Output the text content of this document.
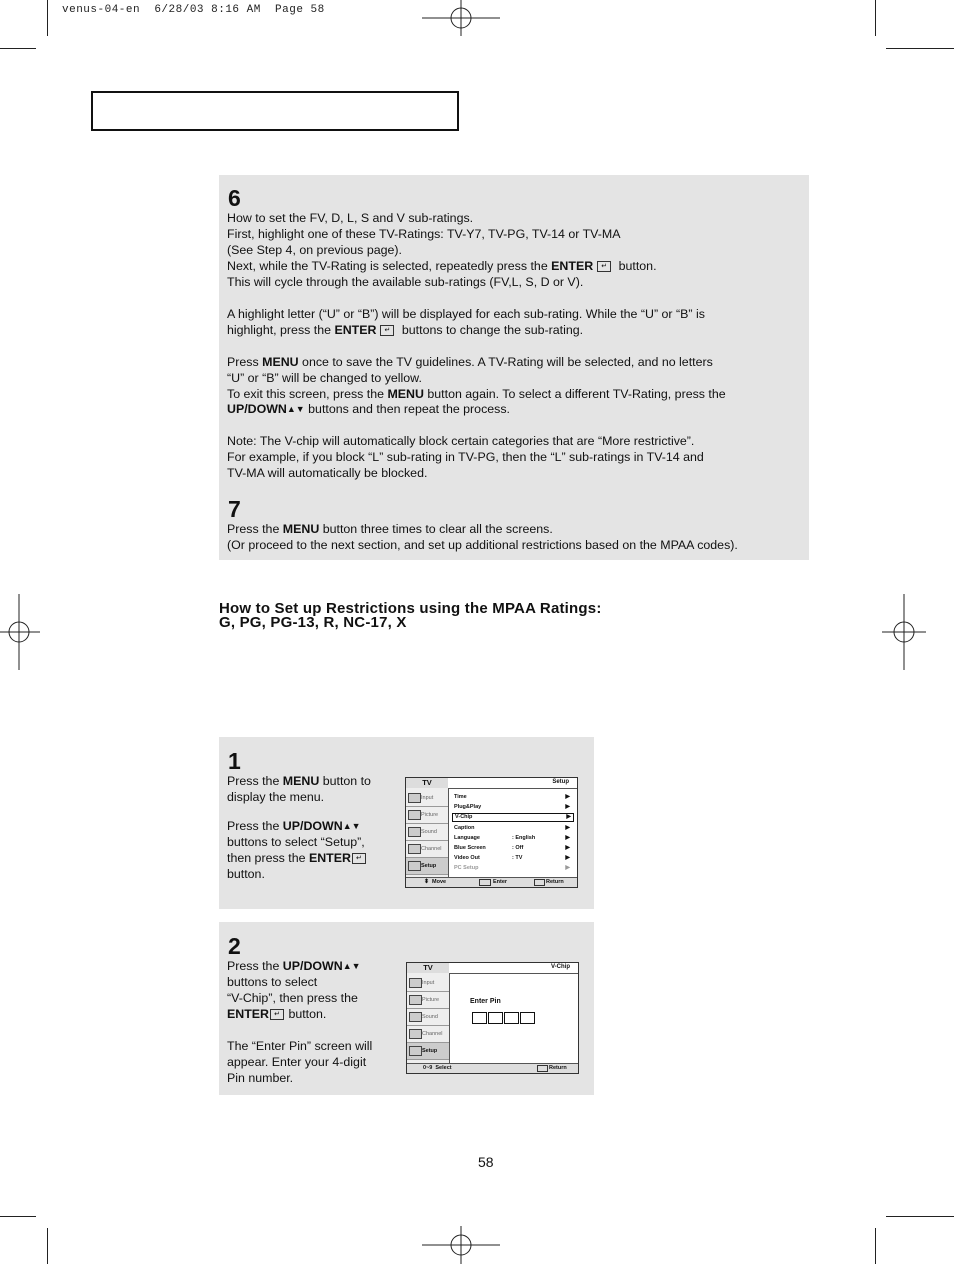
venus-04-en  6/28/03 8:16 AM  Page 58
6
How to set the FV, D, L, S and V sub-ratings.
First, highlight one of these TV-Ratings: TV-Y7, TV-PG, TV-14 or TV-MA
(See Step 4, on previous page).
Next, while the TV-Rating is selected, repeatedly press the ENTER ↵ button.
This will cycle through the available sub-ratings (FV,L, S, D or V).
A highlight letter (“U” or “B”) will be displayed for each sub-rating. While the “U” or “B” is
highlight, press the ENTER ↵ buttons to change the sub-rating.
Press MENU once to save the TV guidelines. A TV-Rating will be selected, and no letters
“U” or “B” will be changed to yellow.
To exit this screen, press the MENU button again. To select a different TV-Rating, press the
UP/DOWN▲▼ buttons and then repeat the process.
Note: The V-chip will automatically block certain categories that are “More restrictive”.
For example, if you block “L” sub-rating in TV-PG, then the “L” sub-ratings in TV-14 and
TV-MA will automatically be blocked.
7
Press the MENU button three times to clear all the screens.
(Or proceed to the next section, and set up additional restrictions based on the MPAA codes).
How to Set up Restrictions using the MPAA Ratings:
G, PG, PG-13, R, NC-17, X
1
Press the MENU button to
display the menu.
Press the UP/DOWN▲▼
buttons to select “Setup”,
then press the ENTER ↵
button.
TV	Setup
Input
Picture
Sound
Channel
Setup
Time	▶
Plug&Play	▶
V-Chip	▶
Caption	▶
Language	: English	▶
Blue Screen	: Off	▶
Video Out	: TV	▶
PC Setup	▶
⬍ Move	Enter	Return
2
Press the UP/DOWN▲▼
buttons to select
“V-Chip”, then press the
ENTER ↵ button.
The “Enter Pin” screen will
appear. Enter your 4-digit
Pin number.
TV	V-Chip
Input
Picture
Sound
Channel
Setup
Enter Pin
0~9  Select	Return
58
